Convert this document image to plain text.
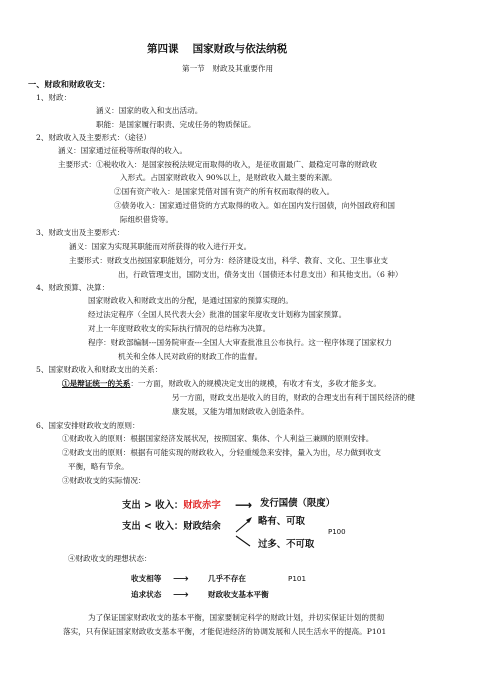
第四课　 国家财政与依法纳税
第一节　财政及其重要作用
一、财政和财政收支：
1、财政：
涵义：国家的收入和支出活动。
职能：是国家履行职责、完成任务的物质保证。
2、财政收入及主要形式：（途径）
涵义：国家通过征税等所取得的收入。
主要形式：①税收收入：是国家按税法规定而取得的收入，是征收面最广、最稳定可靠的财政收
入形式。占国家财政收入 90%以上，是财政收入最主要的来源。
②国有资产收入：是国家凭借对国有资产的所有权而取得的收入。
③债务收入：国家通过借贷的方式取得的收入。如在国内发行国债，向外国政府和国
际组织借贷等。
3、财政支出及主要形式：
涵义：国家为实现其职能而对所获得的收入进行开支。
主要形式：财政支出按国家职能划分，可分为：经济建设支出，科学、教育、文化、卫生事业支
出，行政管理支出，国防支出，债务支出（国债还本付息支出）和其他支出。（6 种）
4、财政预算、决算：
国家财政收入和财政支出的分配，是通过国家的预算实现的。
经过法定程序（全国人民代表大会）批准的国家年度收支计划称为国家预算。
对上一年度财政收支的实际执行情况的总结称为决算。
程序：财政部编制---国务院审查---全国人大审查批准且公布执行。这一程序体现了国家权力
机关和全体人民对政府的财政工作的监督。
5、国家财政收入和财政支出的关系：
①是辩证统一的关系：一方面，财政收入的规模决定支出的规模，有收才有支，多收才能多支。
另一方面，财政支出是收入的目的，财政的合理支出有利于国民经济的健
康发展，又能为增加财政收入创造条件。
6、国家安排财政收支的原则：
①财政收入的原则：根据国家经济发展状况，按照国家、集体、个人利益三兼顾的原则安排。
②财政支出的原则：根据有可能实现的财政收入，分轻重缓急来安排，量入为出，尽力做到收支
平衡，略有节余。
③财政收支的实际情况：
支出 > 收入：财政赤字 ⟶ 发行国债（限度）
支出 < 收入：财政结余	略有、可取
过多、不可取
P100
④财政收支的理想状态：
收支相等 ⟶	几乎不存在	P101
追求状态 ⟶	财政收支基本平衡
为了保证国家财政收支的基本平衡，国家要制定科学的财政计划，并切实保证计划的贯彻
落实，只有保证国家财政收支基本平衡，才能促进经济的协调发展和人民生活水平的提高。P101
